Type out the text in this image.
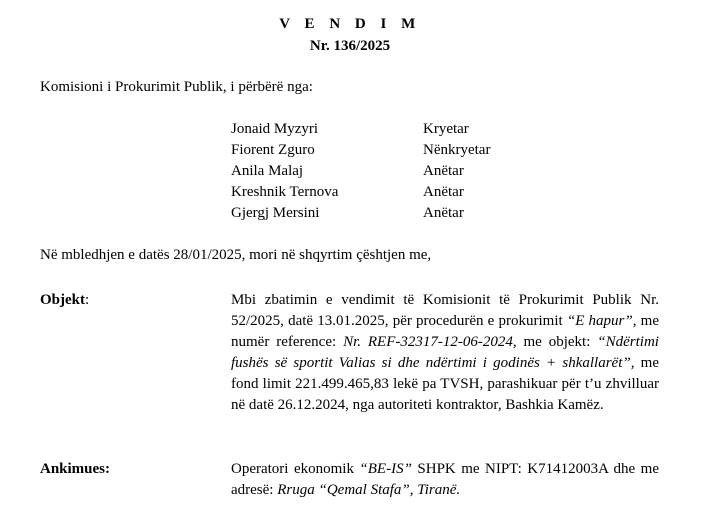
V E N D I M
Nr. 136/2025
Komisioni i Prokurimit Publik, i përbërë nga:
Jonaid Myzyri	Kryetar
Fiorent Zguro	Nënkryetar
Anila Malaj	Anëtar
Kreshnik Ternova	Anëtar
Gjergj Mersini	Anëtar
Në mbledhjen e datës 28/01/2025, mori në shqyrtim çështjen me,
Objekt:	Mbi zbatimin e vendimit të Komisionit të Prokurimit Publik Nr. 52/2025, datë 13.01.2025, për procedurën e prokurimit “E hapur”, me numër reference: Nr. REF-32317-12-06-2024, me objekt: “Ndërtimi fushës së sportit Valias si dhe ndërtimi i godinës + shkallarët”, me fond limit 221.499.465,83 lekë pa TVSH, parashikuar për t’u zhvilluar në datë 26.12.2024, nga autoriteti kontraktor, Bashkia Kamëz.
Ankimues:	Operatori ekonomik “BE-IS” SHPK me NIPT: K71412003A dhe me adresë: Rruga “Qemal Stafa”, Tiranë.
